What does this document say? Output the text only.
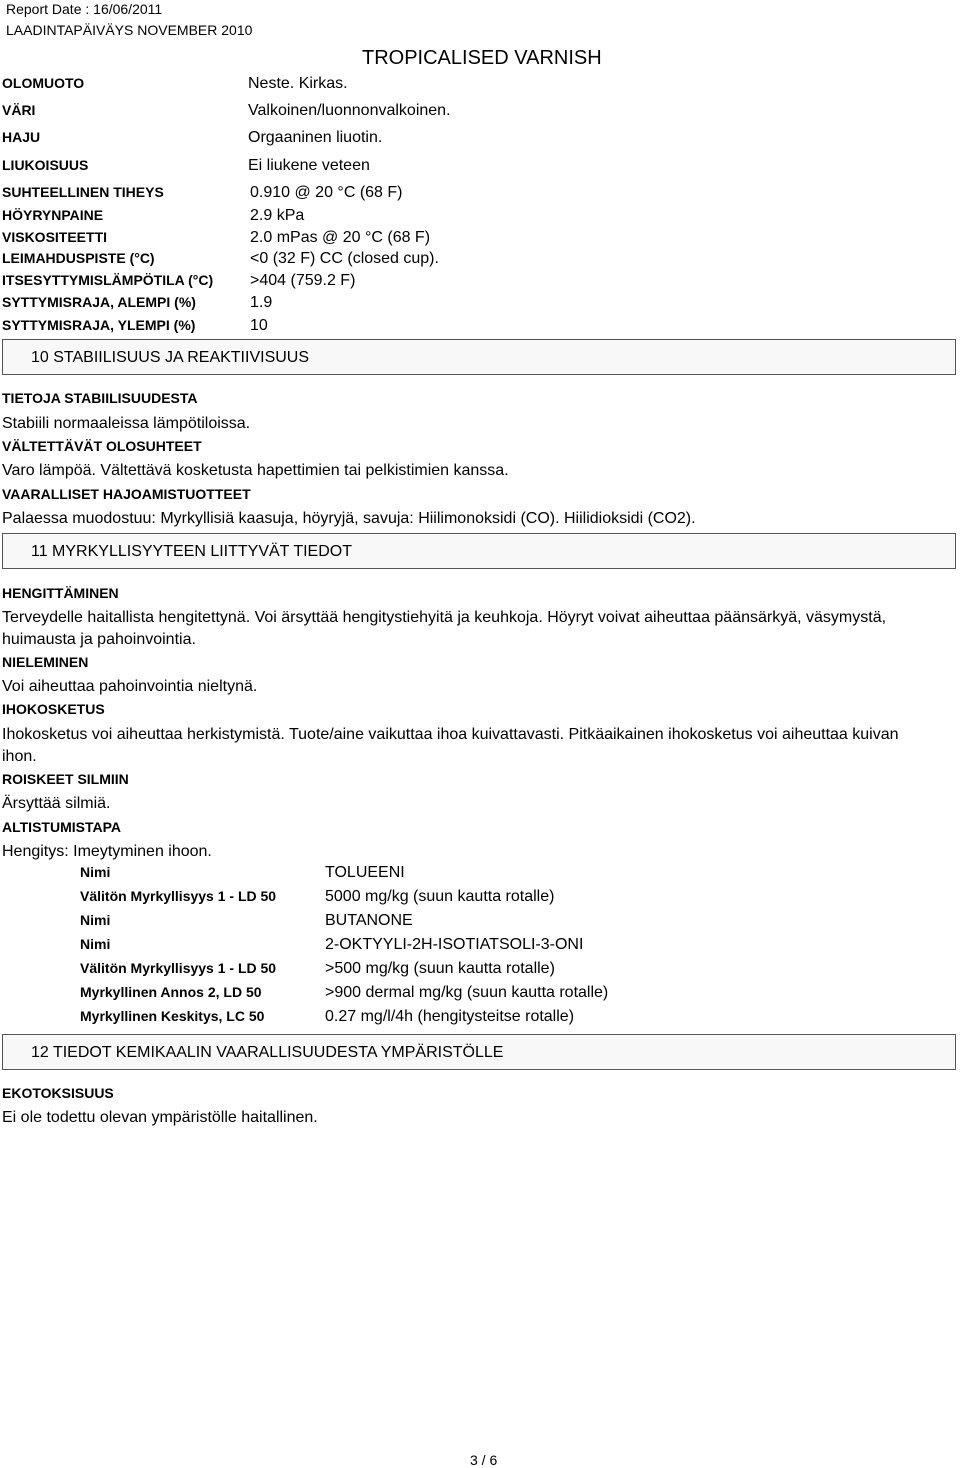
Report Date : 16/06/2011
LAADINTAPÄIVÄYS NOVEMBER 2010
TROPICALISED VARNISH
OLOMUOTO	Neste. Kirkas.
VÄRI	Valkoinen/luonnonvalkoinen.
HAJU	Orgaaninen liuotin.
LIUKOISUUS	Ei liukene veteen
SUHTEELLINEN TIHEYS	0.910 @ 20 °C (68 F)
HÖYRYNPAINE	2.9 kPa
VISKOSITEETTI	2.0 mPas @ 20 °C (68 F)
LEIMAHDUSPISTE (°C)	<0 (32 F) CC (closed cup).
ITSESYTTYMISLÄMPÖTILA (°C) >404 (759.2 F)
SYTTYMISRAJA, ALEMPI (%)	1.9
SYTTYMISRAJA, YLEMPI (%)	10
10 STABIILISUUS JA REAKTIIVISUUS
TIETOJA STABIILISUUDESTA
Stabiili normaaleissa lämpötiloissa.
VÄLTETTÄVÄT OLOSUHTEET
Varo lämpöä. Vältettävä kosketusta hapettimien tai pelkistimien kanssa.
VAARALLISET HAJOAMISTUOTTEET
Palaessa muodostuu: Myrkyllisiä kaasuja, höyryjä, savuja: Hiilimonoksidi (CO). Hiilidioksidi (CO2).
11 MYRKYLLISYYTEEN LIITTYVÄT TIEDOT
HENGITTÄMINEN
Terveydelle haitallista hengitettynä. Voi ärsyttää hengitystiehyitä ja keuhkoja. Höyryt voivat aiheuttaa päänsärkyä, väsymystä, huimausta ja pahoinvointia.
NIELEMINEN
Voi aiheuttaa pahoinvointia nieltynä.
IHOKOSKETUS
Ihokosketus voi aiheuttaa herkistymistä. Tuote/aine vaikuttaa ihoa kuivattavasti. Pitkäaikainen ihokosketus voi aiheuttaa kuivan ihon.
ROISKEET SILMIIN
Ärsyttää silmiä.
ALTISTUMISTAPA
Hengitys: Imeytyminen ihoon.
Nimi	TOLUEENI
Välitön Myrkyllisyys 1 - LD 50	5000 mg/kg (suun kautta rotalle)
Nimi	BUTANONE
Nimi	2-OKTYYLI-2H-ISOTIATSOLI-3-ONI
Välitön Myrkyllisyys 1 - LD 50	>500 mg/kg (suun kautta rotalle)
Myrkyllinen Annos 2, LD 50	>900 dermal mg/kg (suun kautta rotalle)
Myrkyllinen Keskitys, LC 50	0.27 mg/l/4h (hengitysteitse rotalle)
12 TIEDOT KEMIKAALIN VAARALLISUUDESTA YMPÄRISTÖLLE
EKOTOKSISUUS
Ei ole todettu olevan ympäristölle haitallinen.
3 / 6
